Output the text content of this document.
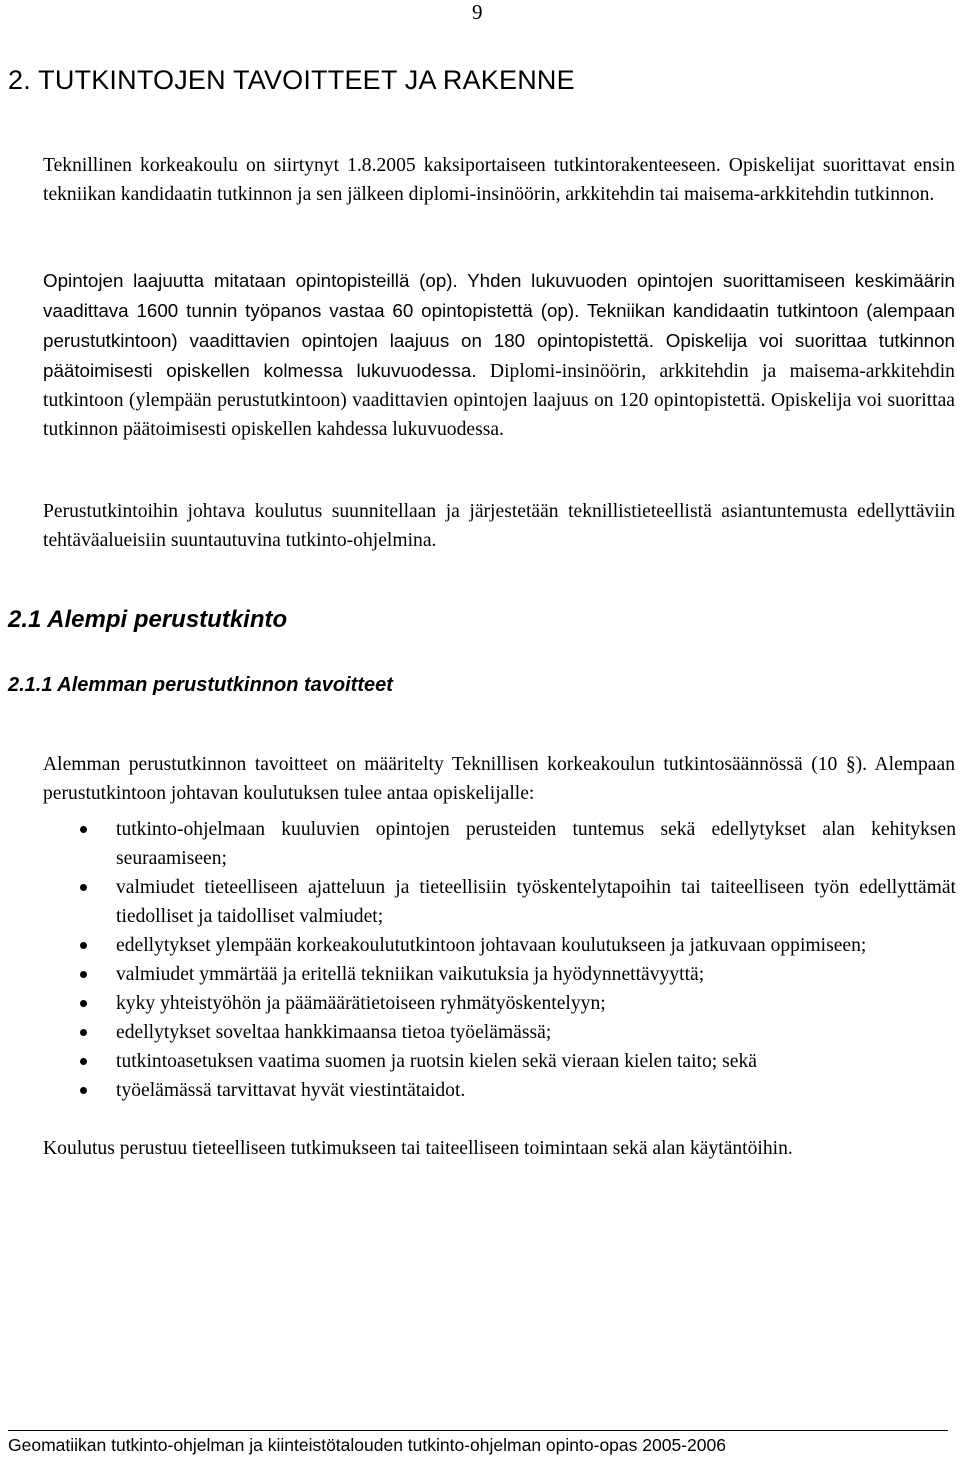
9
2. TUTKINTOJEN TAVOITTEET JA RAKENNE

Teknillinen korkeakoulu on siirtynyt 1.8.2005 kaksiportaiseen tutkintorakenteeseen. Opiskelijat suorittavat ensin tekniikan kandidaatin tutkinnon ja sen jälkeen diplomi-insinöörin, arkkitehdin tai maisema-arkkitehdin tutkinnon.

Opintojen laajuutta mitataan opintopisteillä (op). Yhden lukuvuoden opintojen suorittamiseen keskimäärin vaadittava 1600 tunnin työpanos vastaa 60 opintopistettä (op). Tekniikan kandidaatin tutkintoon (alempaan perustutkintoon) vaadittavien opintojen laajuus on 180 opintopistettä. Opiskelija voi suorittaa tutkinnon päätoimisesti opiskellen kolmessa lukuvuodessa. Diplomi-insinöörin, arkkitehdin ja maisema-arkkitehdin tutkintoon (ylempään perustutkintoon) vaadittavien opintojen laajuus on 120 opintopistettä. Opiskelija voi suorittaa tutkinnon päätoimisesti opiskellen kahdessa lukuvuodessa.

Perustutkintoihin johtava koulutus suunnitellaan ja järjestetään teknillistieteellistä asiantuntemusta edellyttäviin tehtäväalueisiin suuntautuvina tutkinto-ohjelmina.

2.1 Alempi perustutkinto
2.1.1 Alemman perustutkinnon tavoitteet

Alemman perustutkinnon tavoitteet on määritelty Teknillisen korkeakoulun tutkintosäännössä (10 §). Alempaan perustutkintoon johtavan koulutuksen tulee antaa opiskelijalle:

tutkinto-ohjelmaan kuuluvien opintojen perusteiden tuntemus sekä edellytykset alan kehityksen seuraamiseen;
valmiudet tieteelliseen ajatteluun ja tieteellisiin työskentelytapoihin tai taiteelliseen työn edellyttämät tiedolliset ja taidolliset valmiudet;
edellytykset ylempään korkeakoulututkintoon johtavaan koulutukseen ja jatkuvaan oppimiseen;
valmiudet ymmärtää ja eritellä tekniikan vaikutuksia ja hyödynnettävyyttä;
kyky yhteistyöhön ja päämäärätietoiseen ryhmätyöskentelyyn;
edellytykset soveltaa hankkimaansa tietoa työelämässä;
tutkintoasetuksen vaatima suomen ja ruotsin kielen sekä vieraan kielen taito; sekä
työelämässä tarvittavat hyvät viestintätaidot.

Koulutus perustuu tieteelliseen tutkimukseen tai taiteelliseen toimintaan sekä alan käytäntöihin.

Geomatiikan tutkinto-ohjelman ja kiinteistötalouden tutkinto-ohjelman opinto-opas 2005-2006
